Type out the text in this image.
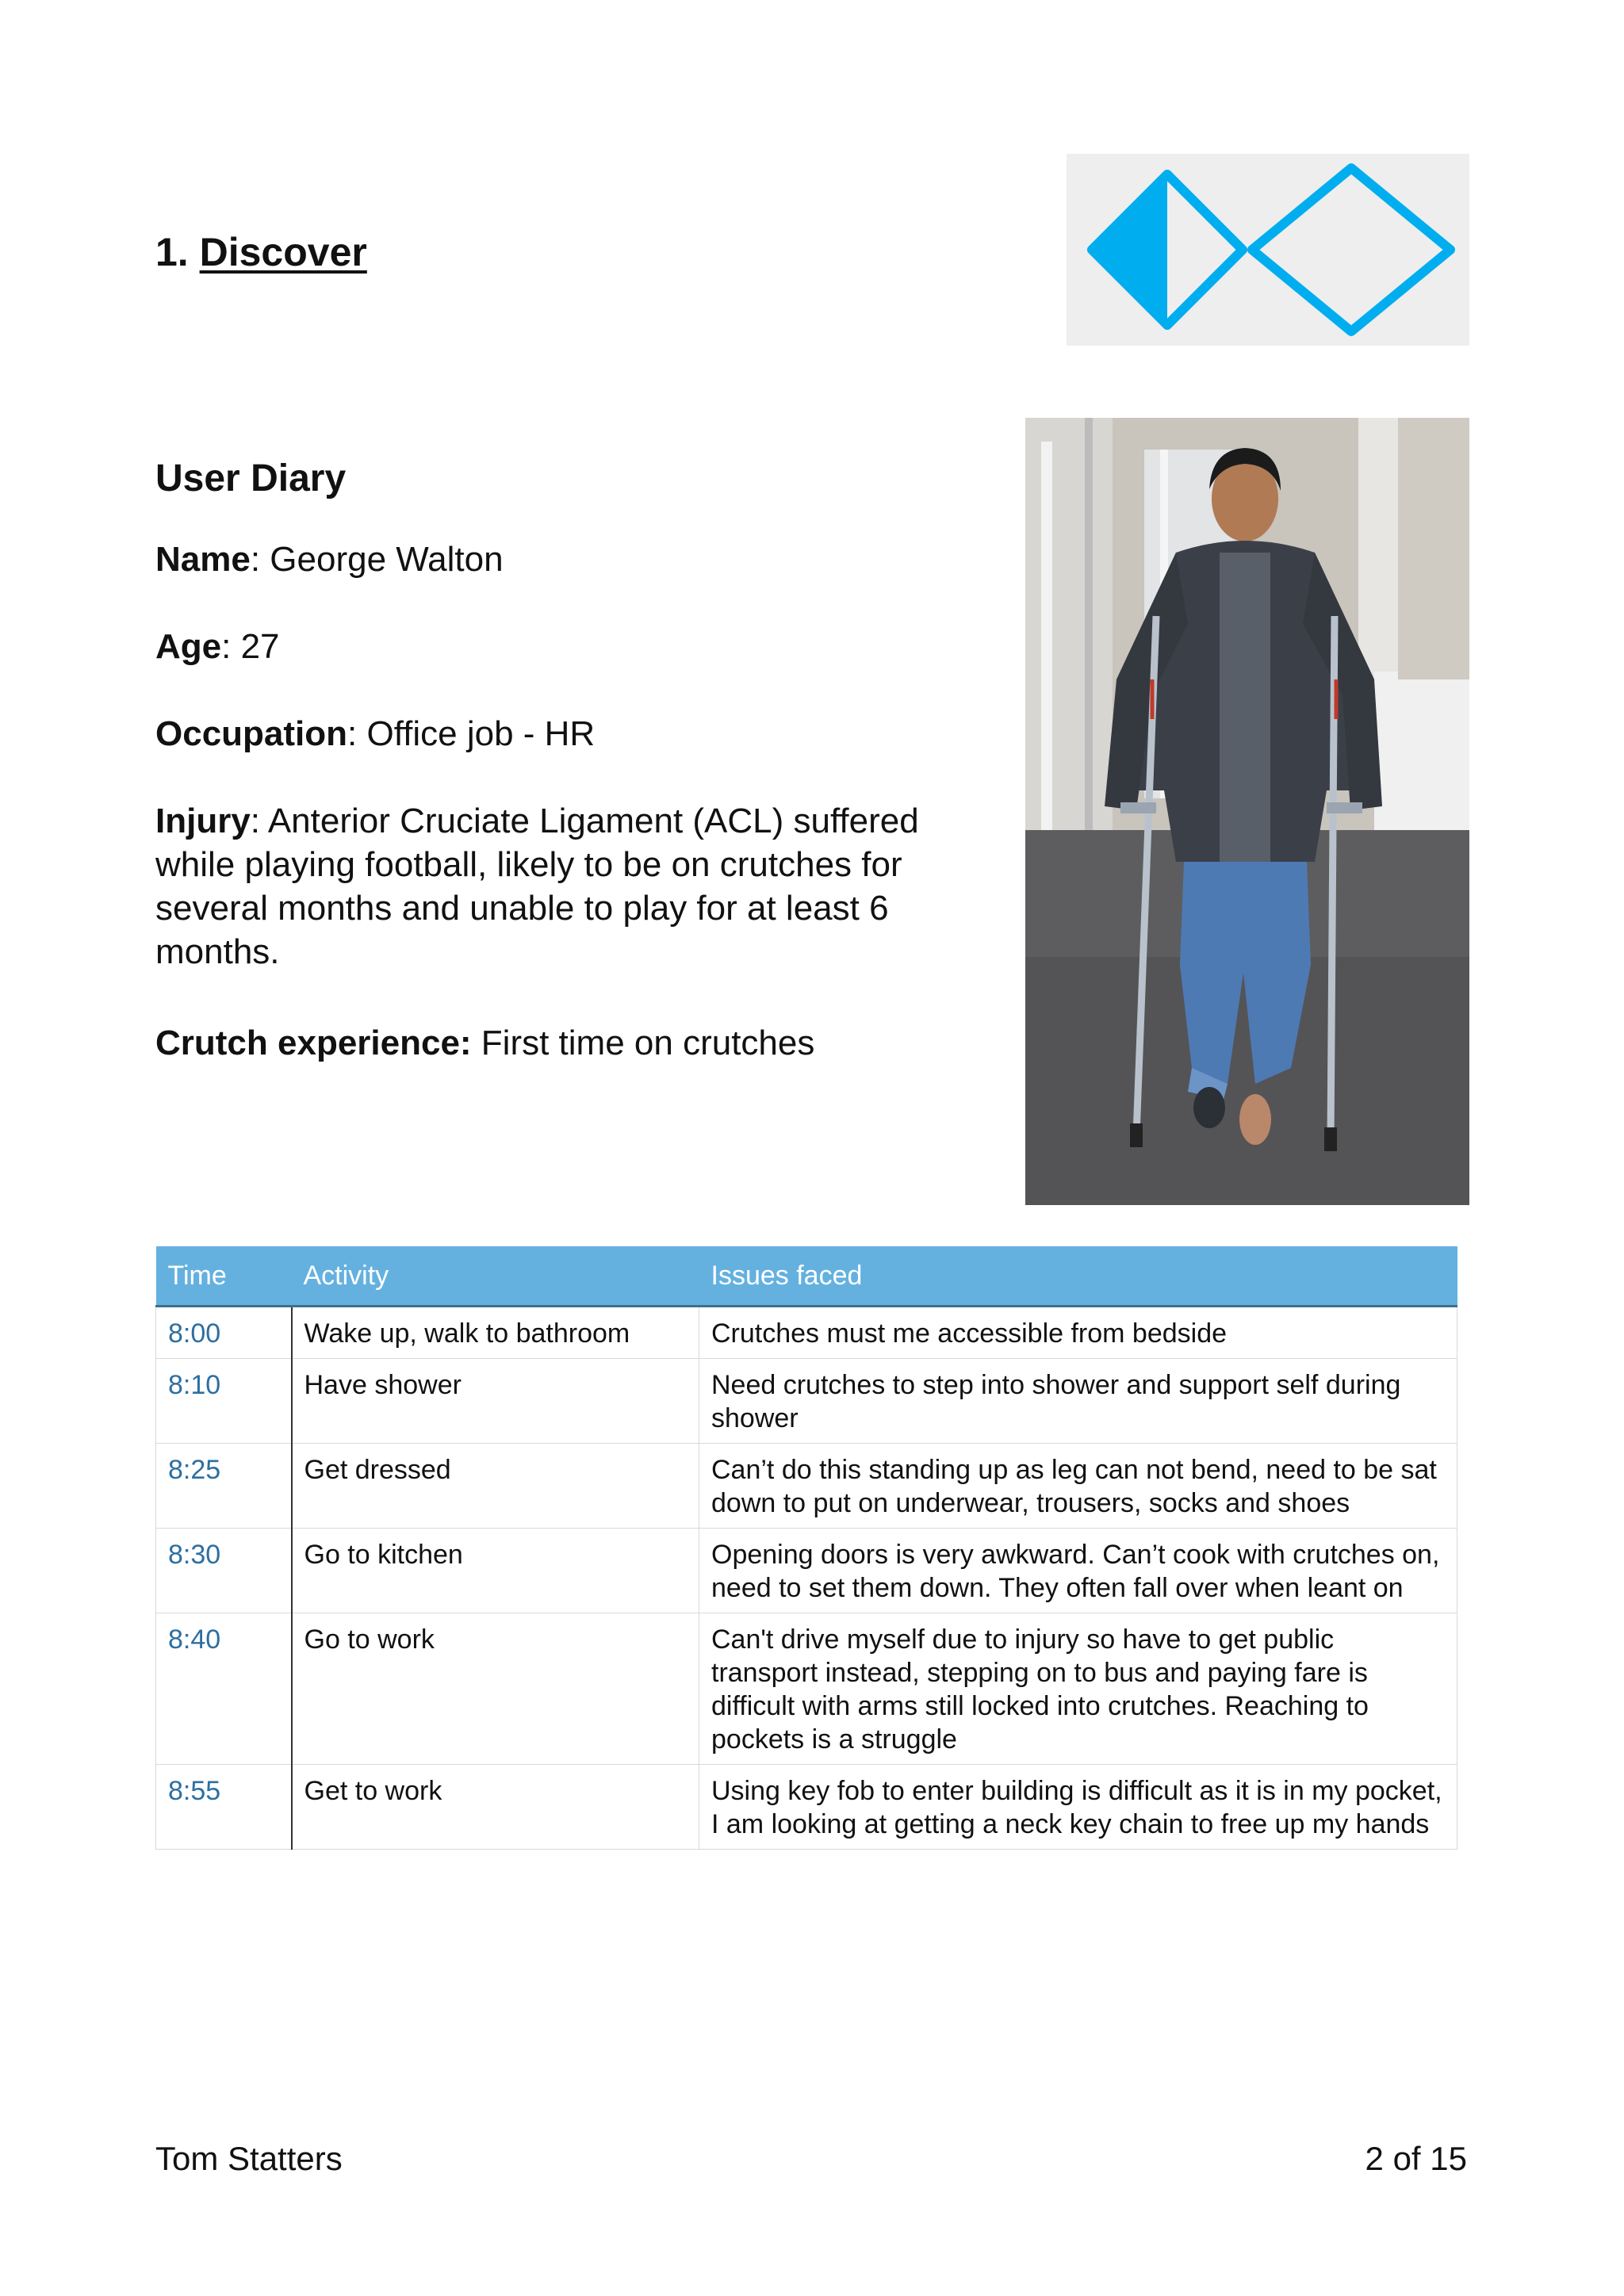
1. Discover
User Diary

Name: George Walton

Age: 27

Occupation: Office job - HR

Injury: Anterior Cruciate Ligament (ACL) suffered while playing football, likely to be on crutches for several months and unable to play for at least 6 months.

Crutch experience: First time on crutches

Time	Activity	Issues faced
8:00	Wake up, walk to bathroom	Crutches must me accessible from bedside
8:10	Have shower	Need crutches to step into shower and support self during shower
8:25	Get dressed	Can’t do this standing up as leg can not bend, need to be sat down to put on underwear, trousers, socks and shoes
8:30	Go to kitchen	Opening doors is very awkward. Can’t cook with crutches on, need to set them down. They often fall over when leant on
8:40	Go to work	Can't drive myself due to injury so have to get public transport instead, stepping on to bus and paying fare is difficult with arms still locked into crutches. Reaching to pockets is a struggle
8:55	Get to work	Using key fob to enter building is difficult as it is in my pocket, I am looking at getting a neck key chain to free up my hands

Tom Statters	2 of 15
